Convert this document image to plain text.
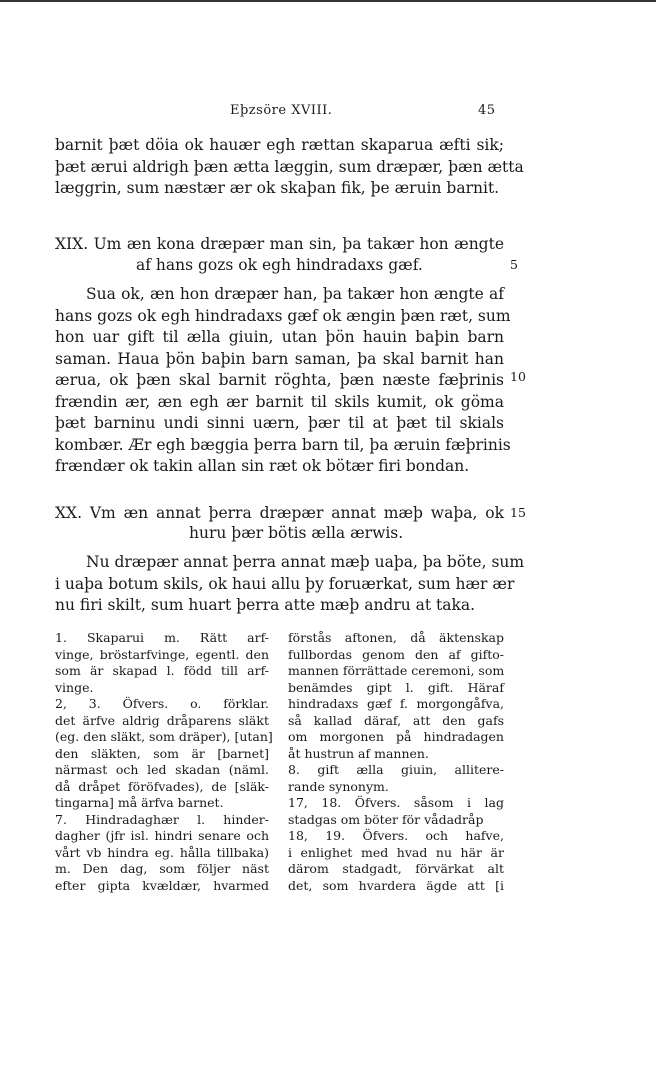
Eþzsöre XVIII.	45
barnit þæt döia ok hauær egh rættan skaparua æfti sik;
þæt ærui aldrigh þæn ætta læggin, sum dræpær, þæn ætta
læggrin, sum næstær ær ok skaþan fik, þe æruin barnit.
XIX. Um æn kona dræpær man sin, þa takær hon ængte
af hans gozs ok egh hindradaxs gæf.	5
Sua ok, æn hon dræpær han, þa takær hon ængte af
hans gozs ok egh hindradaxs gæf ok ængin þæn ræt, sum
hon uar gift til ælla giuin, utan þön hauin baþin barn
saman. Haua þön baþin barn saman, þa skal barnit han
ærua, ok þæn skal barnit röghta, þæn næste fæþrinis
frændin ær, æn egh ær barnit til skils kumit, ok göma
þæt barninu undi sinni uærn, þær til at þæt til skials
kombær. Ær egh bæggia þerra barn til, þa æruin fæþrinis
frændær ok takin allan sin ræt ok bötær firi bondan.
10
XX. Vm æn annat þerra dræpær annat mæþ waþa, ok
huru þær bötis ælla ærwis.
15
Nu dræpær annat þerra annat mæþ uaþa, þa böte, sum
i uaþa botum skils, ok haui allu þy foruærkat, sum hær ær
nu firi skilt, sum huart þerra atte mæþ andru at taka.
1. Skaparui m. Rätt arf-
vinge, bröstarfvinge, egentl. den
som är skapad l. född till arf-
vinge.
2, 3. Öfvers. o. förklar.
det ärfve aldrig dråparens släkt
(eg. den släkt, som dräper), [utan]
den släkten, som är [barnet]
närmast och led skadan (näml.
då dråpet föröfvades), de [släk-
tingarna] må ärfva barnet.
7. Hindradaghær l. hinder-
dagher (jfr isl. hindri senare och
vårt vb hindra eg. hålla tillbaka)
m. Den dag, som följer näst
efter gipta kvældær, hvarmed
förstås aftonen, då äktenskap
fullbordas genom den af gifto-
mannen förrättade ceremoni, som
benämdes gipt l. gift. Häraf
hindradaxs gæf f. morgongåfva,
så kallad däraf, att den gafs
om morgonen på hindradagen
åt hustrun af mannen.
8. gift ælla giuin, allitere-
rande synonym.
17, 18. Öfvers. såsom i lag
stadgas om böter för vådadråp
18, 19. Öfvers. och hafve,
i enlighet med hvad nu här är
därom stadgadt, förvärkat alt
det, som hvardera ägde att [i
